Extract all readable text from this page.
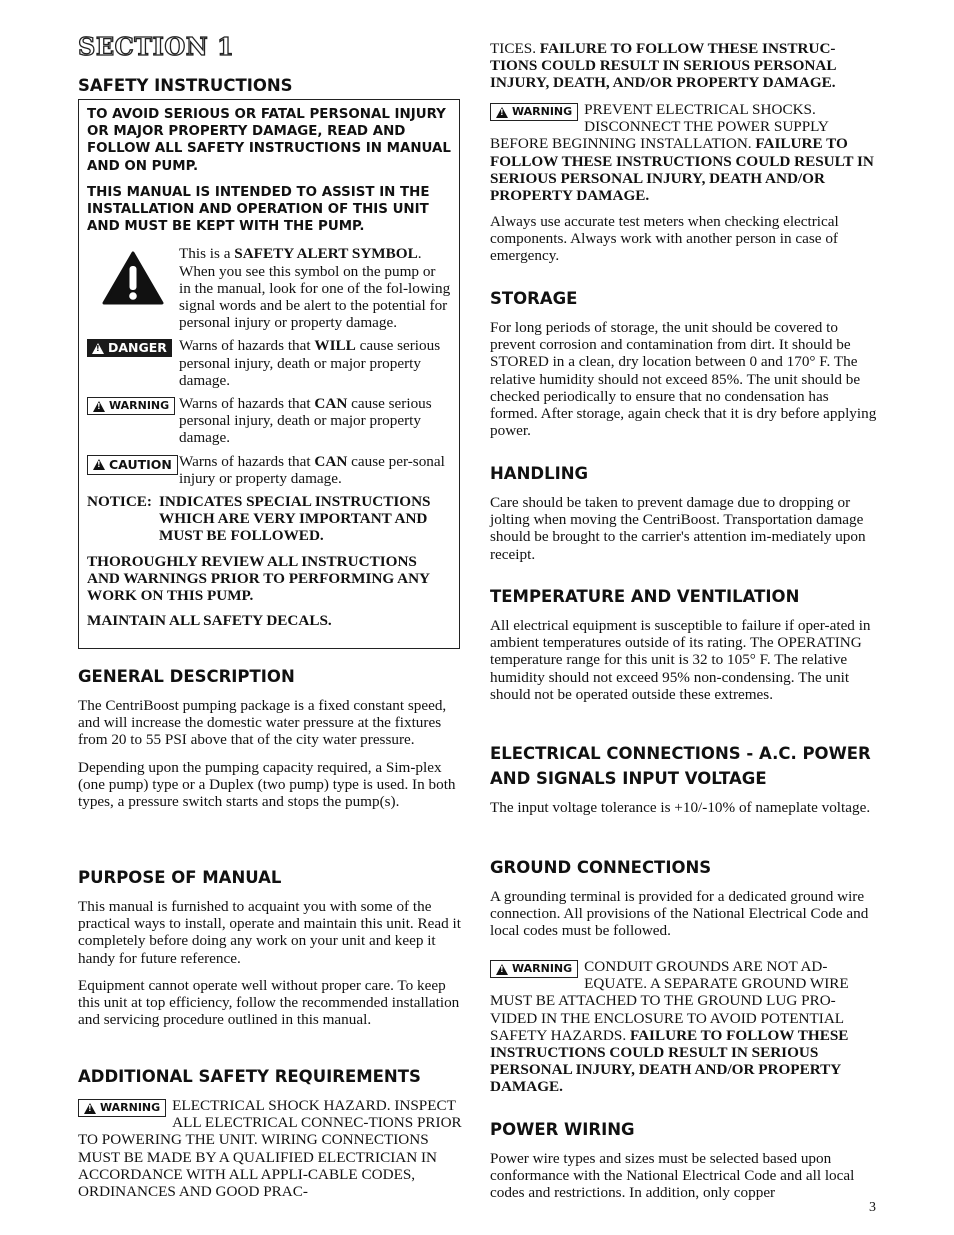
SECTION 1
SAFETY INSTRUCTIONS

TO AVOID SERIOUS OR FATAL PERSONAL INJURY OR MAJOR PROPERTY DAMAGE, READ AND FOLLOW ALL SAFETY INSTRUCTIONS IN MANUAL AND ON PUMP.

THIS MANUAL IS INTENDED TO ASSIST IN THE INSTALLATION AND OPERATION OF THIS UNIT AND MUST BE KEPT WITH THE PUMP.

This is a SAFETY ALERT SYMBOL. When you see this symbol on the pump or in the manual, look for one of the fol-lowing signal words and be alert to the potential for personal injury or property damage.

!
DANGER Warns of hazards that WILL cause serious personal injury, death or major property damage.

!
WARNING Warns of hazards that CAN cause serious personal injury, death or major property damage.

!
CAUTION Warns of hazards that CAN cause per-sonal injury or property damage.

NOTICE: INDICATES SPECIAL INSTRUCTIONS WHICH ARE VERY IMPORTANT AND MUST BE FOLLOWED.

THOROUGHLY REVIEW ALL INSTRUCTIONS AND WARNINGS PRIOR TO PERFORMING ANY WORK ON THIS PUMP.

MAINTAIN ALL SAFETY DECALS.

GENERAL DESCRIPTION

The CentriBoost pumping package is a fixed constant speed, and will increase the domestic water pressure at the fixtures from 20 to 55 PSI above that of the city water pressure.

Depending upon the pumping capacity required, a Sim-plex (one pump) type or a Duplex (two pump) type is used. In both types, a pressure switch starts and stops the pump(s).

PURPOSE OF MANUAL

This manual is furnished to acquaint you with some of the practical ways to install, operate and maintain this unit. Read it completely before doing any work on your unit and keep it handy for future reference.

Equipment cannot operate well without proper care. To keep this unit at top efficiency, follow the recommended installation and servicing procedure outlined in this manual.

ADDITIONAL SAFETY REQUIREMENTS
!
WARNING ELECTRICAL SHOCK HAZARD. INSPECT ALL ELECTRICAL CONNEC-TIONS PRIOR TO POWERING THE UNIT. WIRING CONNECTIONS MUST BE MADE BY A QUALIFIED ELECTRICIAN IN ACCORDANCE WITH ALL APPLI-CABLE CODES, ORDINANCES AND GOOD PRAC-

TICES. FAILURE TO FOLLOW THESE INSTRUC-TIONS COULD RESULT IN SERIOUS PERSONAL INJURY, DEATH, AND/OR PROPERTY DAMAGE.

!
WARNING PREVENT ELECTRICAL SHOCKS. DISCONNECT THE POWER SUPPLY BEFORE BEGINNING INSTALLATION. FAILURE TO FOLLOW THESE INSTRUCTIONS COULD RESULT IN SERIOUS PERSONAL INJURY, DEATH AND/OR PROPERTY DAMAGE.

Always use accurate test meters when checking electrical components. Always work with another person in case of emergency.

STORAGE

For long periods of storage, the unit should be covered to prevent corrosion and contamination from dirt. It should be STORED in a clean, dry location between 0 and 170° F. The relative humidity should not exceed 85%. The unit should be checked periodically to ensure that no condensation has formed. After storage, again check that it is dry before applying power.

HANDLING

Care should be taken to prevent damage due to dropping or jolting when moving the CentriBoost. Transportation damage should be brought to the carrier's attention im-mediately upon receipt.

TEMPERATURE AND VENTILATION

All electrical equipment is susceptible to failure if oper-ated in ambient temperatures outside of its rating. The OPERATING temperature range for this unit is 32 to 105° F. The relative humidity should not exceed 95% non-condensing. The unit should not be operated outside these extremes.

ELECTRICAL CONNECTIONS - A.C. POWER AND SIGNALS INPUT VOLTAGE

The input voltage tolerance is +10/-10% of nameplate voltage.

GROUND CONNECTIONS

A grounding terminal is provided for a dedicated ground wire connection. All provisions of the National Electrical Code and local codes must be followed.

!
WARNING CONDUIT GROUNDS ARE NOT AD-EQUATE. A SEPARATE GROUND WIRE MUST BE ATTACHED TO THE GROUND LUG PRO-VIDED IN THE ENCLOSURE TO AVOID POTENTIAL SAFETY HAZARDS. FAILURE TO FOLLOW THESE INSTRUCTIONS COULD RESULT IN SERIOUS PERSONAL INJURY, DEATH AND/OR PROPERTY DAMAGE.

POWER WIRING

Power wire types and sizes must be selected based upon conformance with the National Electrical Code and all local codes and restrictions. In addition, only copper

3
